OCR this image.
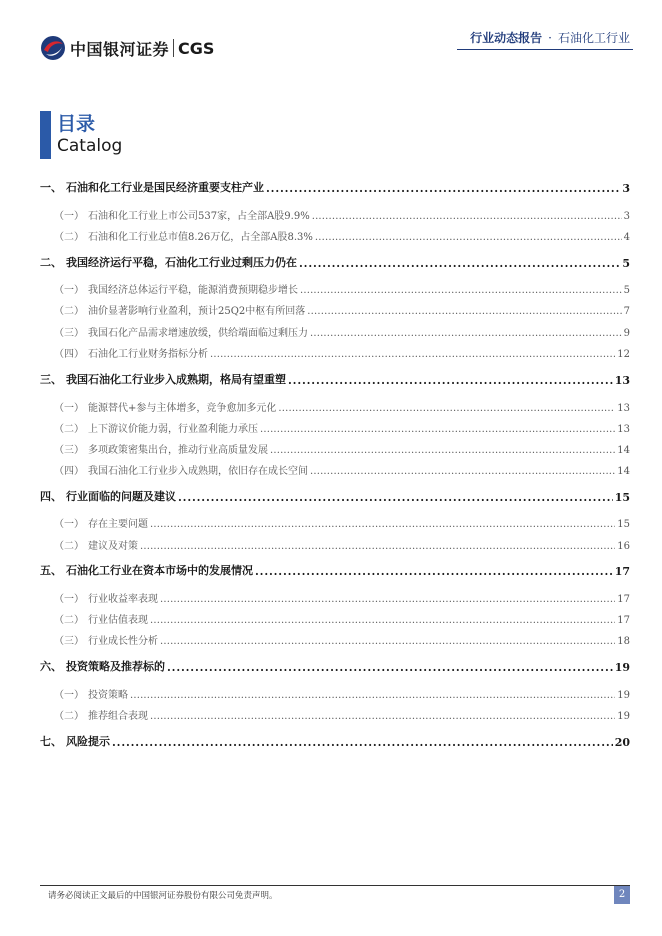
中国银河证券 CGS
行业动态报告 · 石油化工行业
目录
Catalog
一、 石油和化工行业是国民经济重要支柱产业 . . .	3
（一） 石油和化工行业上市公司537家，占全部A股9.9% . . .	3
（二） 石油和化工行业总市值8.26万亿，占全部A股8.3% . . .	4
二、 我国经济运行平稳，石油化工行业过剩压力仍在 . . .	5
（一） 我国经济总体运行平稳，能源消费预期稳步增长 . . .	5
（二） 油价显著影响行业盈利，预计25Q2中枢有所回落 . . .	7
（三） 我国石化产品需求增速放缓，供给端面临过剩压力 . . .	9
（四） 石油化工行业财务指标分析 . . .	12
三、 我国石油化工行业步入成熟期，格局有望重塑 . . .	13
（一） 能源替代+参与主体增多，竞争愈加多元化 . . .	13
（二） 上下游议价能力弱，行业盈利能力承压 . . .	13
（三） 多项政策密集出台，推动行业高质量发展 . . .	14
（四） 我国石油化工行业步入成熟期，依旧存在成长空间 . . .	14
四、 行业面临的问题及建议 . . .	15
（一） 存在主要问题 . . .	15
（二） 建议及对策 . . .	16
五、 石油化工行业在资本市场中的发展情况 . . .	17
（一） 行业收益率表现 . . .	17
（二） 行业估值表现 . . .	17
（三） 行业成长性分析 . . .	18
六、 投资策略及推荐标的 . . .	19
（一） 投资策略 . . .	19
（二） 推荐组合表现 . . .	19
七、 风险提示 . . .	20
请务必阅读正文最后的中国银河证券股份有限公司免责声明。	2
